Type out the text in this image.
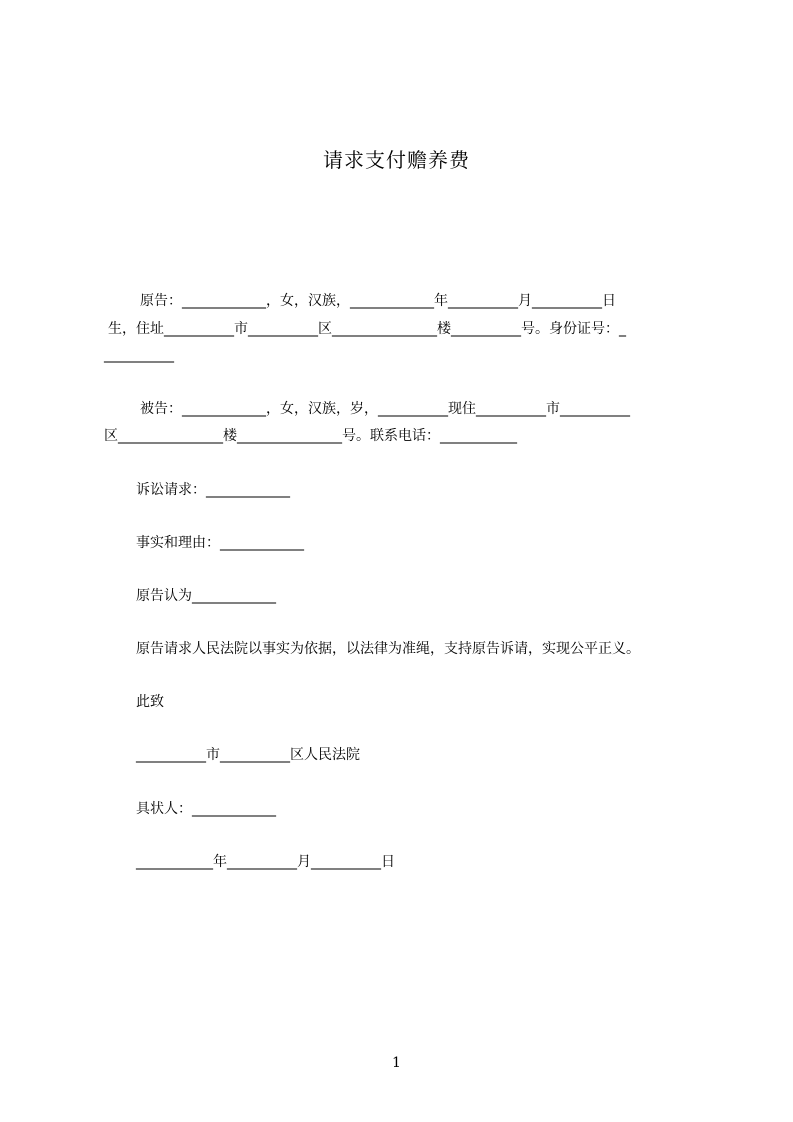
请求支付赡养费
原告：____________，女，汉族，____________年__________月__________日
生，住址__________市__________区_______________楼__________号。身份证号：_
__________
被告：____________，女，汉族，岁，__________现住__________市__________
区_______________楼_______________号。联系电话：___________
诉讼请求：____________
事实和理由：____________
原告认为____________
原告请求人民法院以事实为依据，以法律为准绳，支持原告诉请，实现公平正义。
此致
__________市__________区人民法院
具状人：____________
___________年__________月__________日
1
